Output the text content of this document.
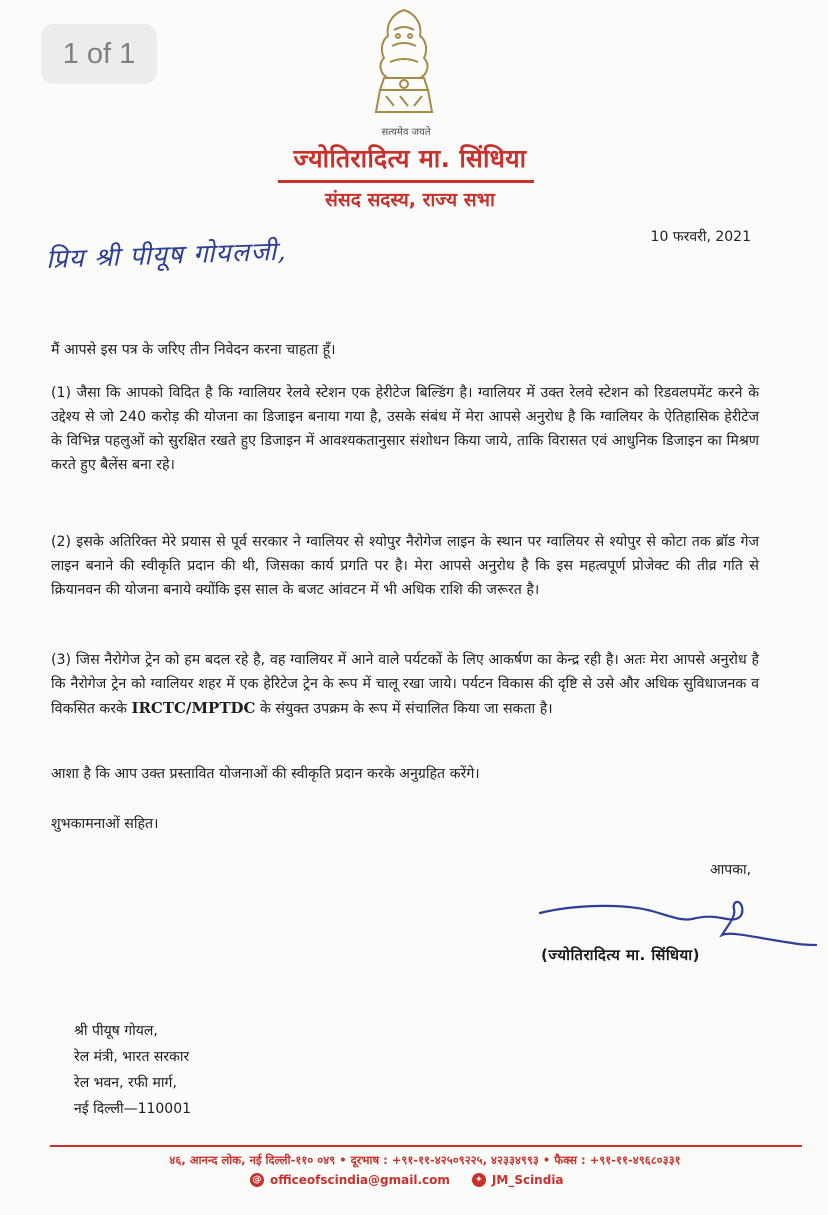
1 of 1
सत्यमेव जयते
ज्योतिरादित्य मा. सिंधिया
संसद सदस्य, राज्य सभा
10 फरवरी, 2021
प्रिय श्री पीयूष गोयलजी,
मैं आपसे इस पत्र के जरिए तीन निवेदन करना चाहता हूँ।
(1) जैसा कि आपको विदित है कि ग्वालियर रेलवे स्टेशन एक हेरीटेज बिल्डिंग है। ग्वालियर में उक्त रेलवे स्टेशन को रिडवलपमेंट करने के उद्देश्य से जो 240 करोड़ की योजना का डिजाइन बनाया गया है, उसके संबंध में मेरा आपसे अनुरोध है कि ग्वालियर के ऐतिहासिक हेरीटेज के विभिन्न पहलुओं को सुरक्षित रखते हुए डिजाइन में आवश्यकतानुसार संशोधन किया जाये, ताकि विरासत एवं आधुनिक डिजाइन का मिश्रण करते हुए बैलेंस बना रहे।
(2) इसके अतिरिक्त मेरे प्रयास से पूर्व सरकार ने ग्वालियर से श्योपुर नैरोगेज लाइन के स्थान पर ग्वालियर से श्योपुर से कोटा तक ब्रॉड गेज लाइन बनाने की स्वीकृति प्रदान की थी, जिसका कार्य प्रगति पर है। मेरा आपसे अनुरोध है कि इस महत्वपूर्ण प्रोजेक्ट की तीव्र गति से क्रियानवन की योजना बनाये क्योंकि इस साल के बजट आंवटन में भी अधिक राशि की जरूरत है।
(3) जिस नैरोगेज ट्रेन को हम बदल रहे है, वह ग्वालियर में आने वाले पर्यटकों के लिए आकर्षण का केन्द्र रही है। अतः मेरा आपसे अनुरोध है कि नैरोगेज ट्रेन को ग्वालियर शहर में एक हेरिटेज ट्रेन के रूप में चालू रखा जाये। पर्यटन विकास की दृष्टि से उसे और अधिक सुविधाजनक व विकसित करके IRCTC/MPTDC के संयुक्त उपक्रम के रूप में संचालित किया जा सकता है।
आशा है कि आप उक्त प्रस्तावित योजनाओं की स्वीकृति प्रदान करके अनुग्रहित करेंगे।
शुभकामनाओं सहित।
आपका,
(ज्योतिरादित्य मा. सिंधिया)
श्री पीयूष गोयल,
रेल मंत्री, भारत सरकार
रेल भवन, रफी मार्ग,
नई दिल्ली—110001
४६, आनन्द लोक, नई दिल्ली-११० ०४९ • दूरभाष : +९१-११-४२५०९२२५, ४२३३४९९३ • फैक्स : +९१-११-४९६८०३३१
@ officeofscindia@gmail.com	✦ JM_Scindia
